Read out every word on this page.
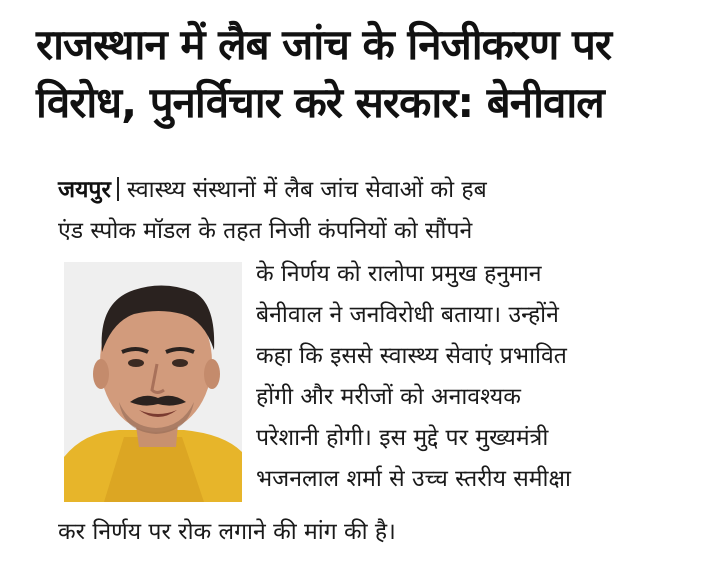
राजस्थान में लैब जांच के निजीकरण पर
विरोध, पुनर्विचार करे सरकार: बेनीवाल
जयपुर स्वास्थ्य संस्थानों में लैब जांच सेवाओं को हब
एंड स्पोक मॉडल के तहत निजी कंपनियों को सौंपने
के निर्णय को रालोपा प्रमुख हनुमान
बेनीवाल ने जनविरोधी बताया। उन्होंने
कहा कि इससे स्वास्थ्य सेवाएं प्रभावित
होंगी और मरीजों को अनावश्यक
परेशानी होगी। इस मुद्दे पर मुख्यमंत्री
भजनलाल शर्मा से उच्च स्तरीय समीक्षा
कर निर्णय पर रोक लगाने की मांग की है।
